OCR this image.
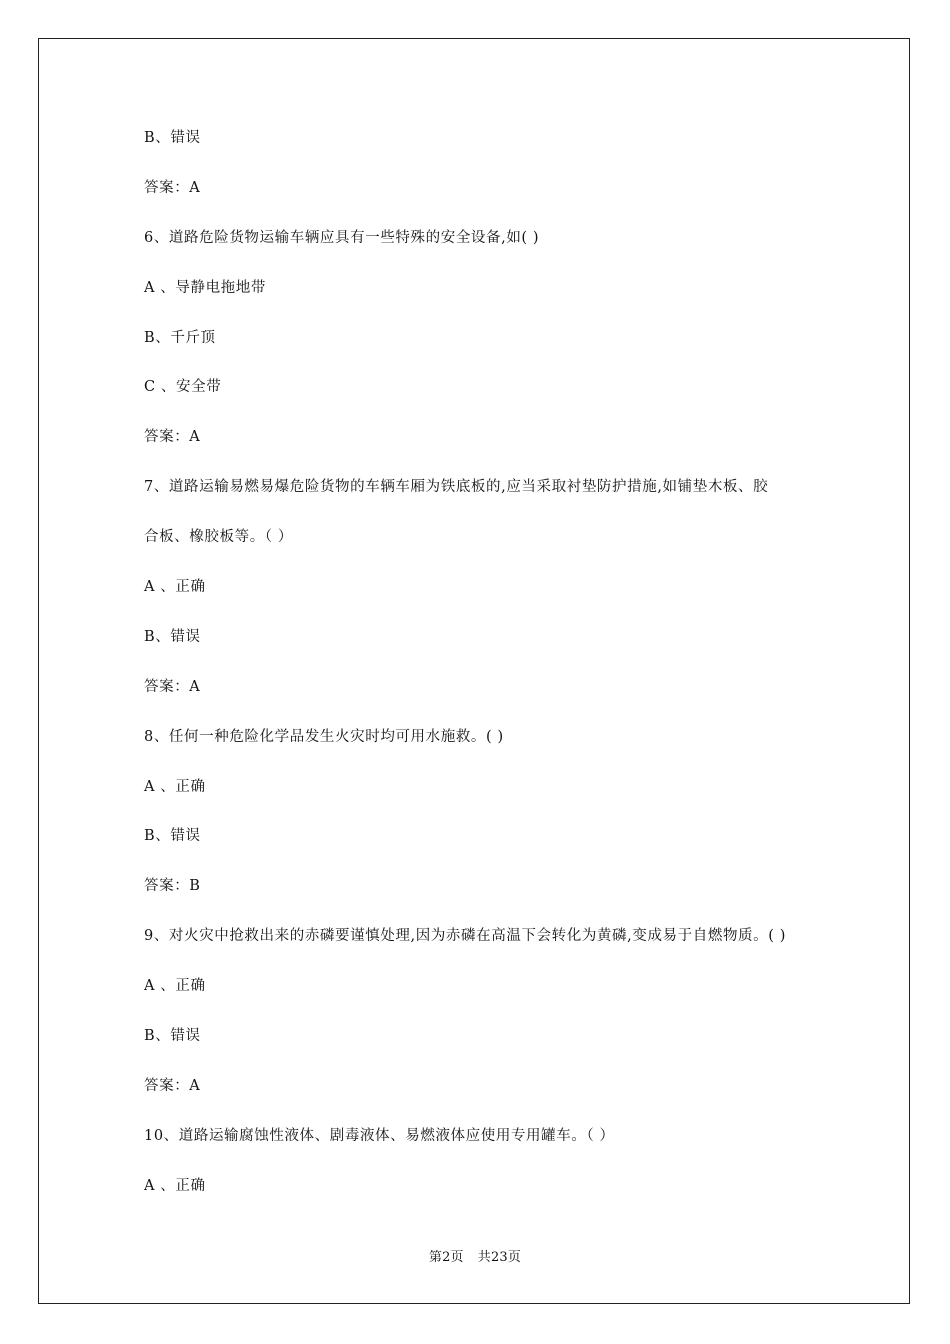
B、错误
答案：A
6、道路危险货物运输车辆应具有一些特殊的安全设备,如( )
A 、导静电拖地带
B、千斤顶
C 、安全带
答案：A
7、道路运输易燃易爆危险货物的车辆车厢为铁底板的,应当采取衬垫防护措施,如铺垫木板、胶
合板、橡胶板等。（ ）
A 、正确
B、错误
答案：A
8、任何一种危险化学品发生火灾时均可用水施救。( )
A 、正确
B、错误
答案：B
9、对火灾中抢救出来的赤磷要谨慎处理,因为赤磷在高温下会转化为黄磷,变成易于自燃物质。( )
A 、正确
B、错误
答案：A
10、道路运输腐蚀性液体、剧毒液体、易燃液体应使用专用罐车。（ ）
A 、正确
第2页 共23页
